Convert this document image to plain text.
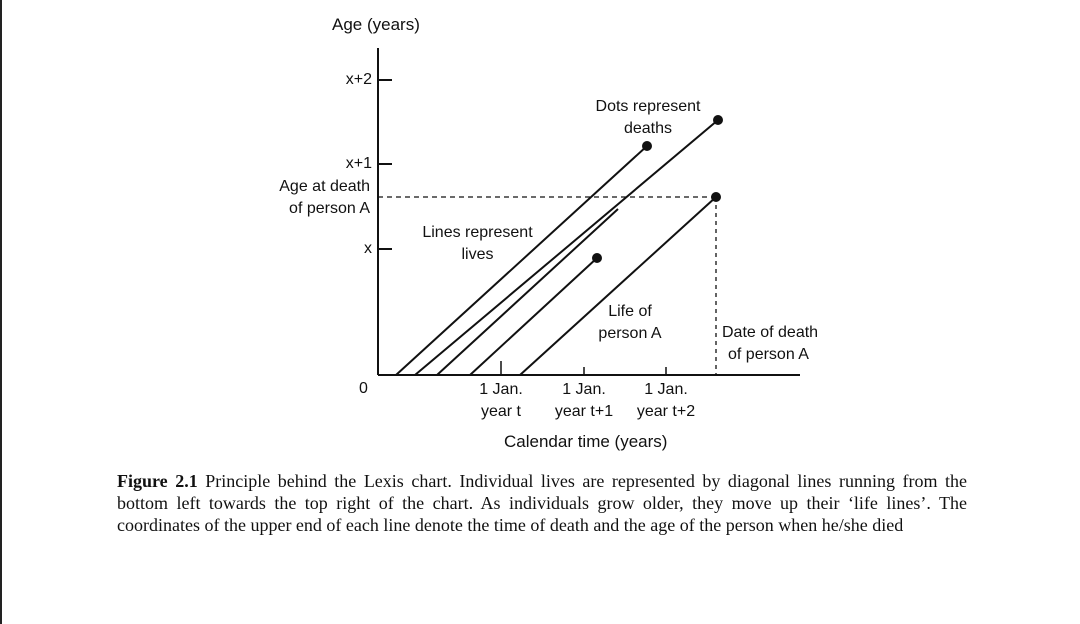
Age (years)
x+2
x+1
x
0
Age at death
of person A
Dots represent
deaths
Lines represent
lives
Life of
person A	Date of death
of person A
1 Jan.
year t
1 Jan.
year t+1
1 Jan.
year t+2
Calendar time (years)
Figure 2.1 Principle behind the Lexis chart. Individual lives are represented by diagonal lines running from the bottom left towards the top right of the chart. As individuals grow older, they move up their ‘life lines’. The coordinates of the upper end of each line denote the time of death and the age of the person when he/she died
